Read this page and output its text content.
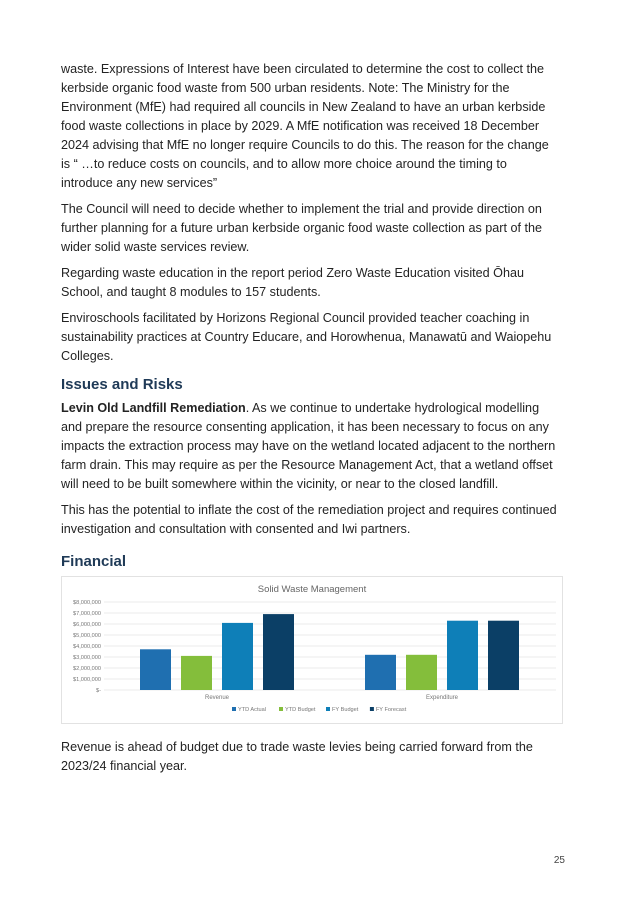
waste. Expressions of Interest have been circulated to determine the cost to collect the kerbside organic food waste from 500 urban residents. Note: The Ministry for the Environment (MfE) had required all councils in New Zealand to have an urban kerbside food waste collections in place by 2029. A MfE notification was received 18 December 2024 advising that MfE no longer require Councils to do this. The reason for the change is “ …to reduce costs on councils, and to allow more choice around the timing to introduce any new services”

The Council will need to decide whether to implement the trial and provide direction on further planning for a future urban kerbside organic food waste collection as part of the wider solid waste services review.

Regarding waste education in the report period Zero Waste Education visited Ōhau School, and taught 8 modules to 157 students.

Enviroschools facilitated by Horizons Regional Council provided teacher coaching in sustainability practices at Country Educare, and Horowhenua, Manawatū and Waiopehu Colleges.

Issues and Risks

Levin Old Landfill Remediation. As we continue to undertake hydrological modelling and prepare the resource consenting application, it has been necessary to focus on any impacts the extraction process may have on the wetland located adjacent to the northern farm drain. This may require as per the Resource Management Act, that a wetland offset will need to be built somewhere within the vicinity, or near to the closed landfill.

This has the potential to inflate the cost of the remediation project and requires continued investigation and consultation with consented and Iwi partners.

Financial
Solid Waste Management
$-
$1,000,000
$2,000,000
$3,000,000
$4,000,000
$5,000,000
$6,000,000
$7,000,000
$8,000,000
Revenue	Expenditure
YTD Actual	YTD Budget	FY Budget	FY Forecast

Revenue is ahead of budget due to trade waste levies being carried forward from the 2023/24 financial year.

25
